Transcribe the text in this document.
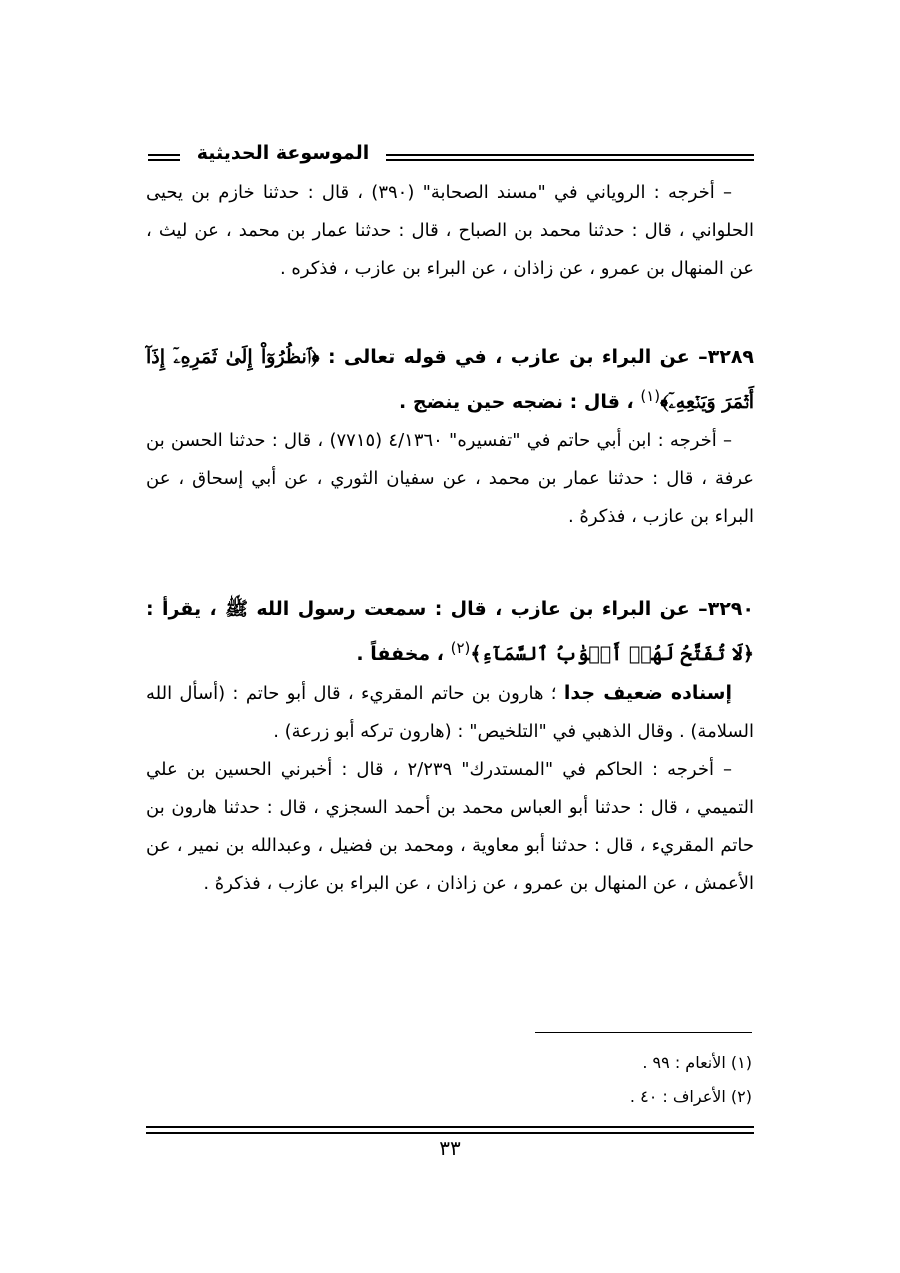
الموسوعة الحديثية

– أخرجه : الروياني في "مسند الصحابة" (٣٩٠) ، قال : حدثنا خازم بن يحيى الحلواني ، قال : حدثنا محمد بن الصباح ، قال : حدثنا عمار بن محمد ، عن ليث ، عن المنهال بن عمرو ، عن زاذان ، عن البراء بن عازب ، فذكره .

٣٢٨٩– عن البراء بن عازب ، في قوله تعالى : ﴿ٱنظُرُوٓاْ إِلَىٰ ثَمَرِهِۦٓ إِذَآ أَثۡمَرَ وَيَنۡعِهِۦٓ﴾$^{(١)}$ ، قال : نضجه حين ينضج .

– أخرجه : ابن أبي حاتم في "تفسيره" ٤/١٣٦٠ (٧٧١٥) ، قال : حدثنا الحسن بن عرفة ، قال : حدثنا عمار بن محمد ، عن سفيان الثوري ، عن أبي إسحاق ، عن البراء بن عازب ، فذكرهُ .

٣٢٩٠– عن البراء بن عازب ، قال : سمعت رسول الله ﷺ ، يقرأ : ﴿لَا تُفَتَّحُ لَهُمۡ أَبۡوَٰبُ ٱلسَّمَآءِ﴾$^{(٢)}$ ، مخففاً .

إسناده ضعيف جدا ؛ هارون بن حاتم المقريء ، قال أبو حاتم : (أسأل الله السلامة) . وقال الذهبي في "التلخيص" : (هارون تركه أبو زرعة) .

– أخرجه : الحاكم في "المستدرك" ٢/٢٣٩ ، قال : أخبرني الحسين بن علي التميمي ، قال : حدثنا أبو العباس محمد بن أحمد السجزي ، قال : حدثنا هارون بن حاتم المقريء ، قال : حدثنا أبو معاوية ، ومحمد بن فضيل ، وعبدالله بن نمير ، عن الأعمش ، عن المنهال بن عمرو ، عن زاذان ، عن البراء بن عازب ، فذكرهُ .

(١) الأنعام : ٩٩ .
(٢) الأعراف : ٤٠ .
٣٣
